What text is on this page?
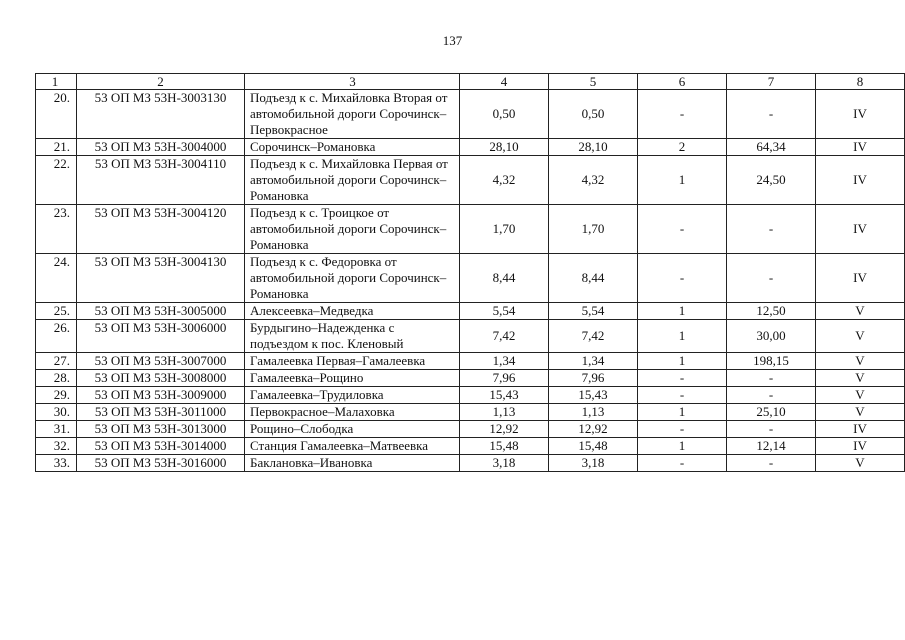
137
1	2	3	4	5	6	7	8
20.	53 ОП МЗ 53Н-3003130	Подъезд к с. Михайловка Вторая от автомобильной дороги Сорочинск–Первокрасное	0,50	0,50	-	-	IV
21.	53 ОП МЗ 53Н-3004000	Сорочинск–Романовка	28,10	28,10	2	64,34	IV
22.	53 ОП МЗ 53Н-3004110	Подъезд к с. Михайловка Первая от автомобильной дороги Сорочинск–Романовка	4,32	4,32	1	24,50	IV
23.	53 ОП МЗ 53Н-3004120	Подъезд к с. Троицкое от автомобильной дороги Сорочинск–Романовка	1,70	1,70	-	-	IV
24.	53 ОП МЗ 53Н-3004130	Подъезд к с. Федоровка от автомобильной дороги Сорочинск–Романовка	8,44	8,44	-	-	IV
25.	53 ОП МЗ 53Н-3005000	Алексеевка–Медведка	5,54	5,54	1	12,50	V
26.	53 ОП МЗ 53Н-3006000	Бурдыгино–Надежденка с подъездом к пос. Кленовый	7,42	7,42	1	30,00	V
27.	53 ОП МЗ 53Н-3007000	Гамалеевка Первая–Гамалеевка	1,34	1,34	1	198,15	V
28.	53 ОП МЗ 53Н-3008000	Гамалеевка–Рощино	7,96	7,96	-	-	V
29.	53 ОП МЗ 53Н-3009000	Гамалеевка–Трудиловка	15,43	15,43	-	-	V
30.	53 ОП МЗ 53Н-3011000	Первокрасное–Малаховка	1,13	1,13	1	25,10	V
31.	53 ОП МЗ 53Н-3013000	Рощино–Слободка	12,92	12,92	-	-	IV
32.	53 ОП МЗ 53Н-3014000	Станция Гамалеевка–Матвеевка	15,48	15,48	1	12,14	IV
33.	53 ОП МЗ 53Н-3016000	Баклановка–Ивановка	3,18	3,18	-	-	V
